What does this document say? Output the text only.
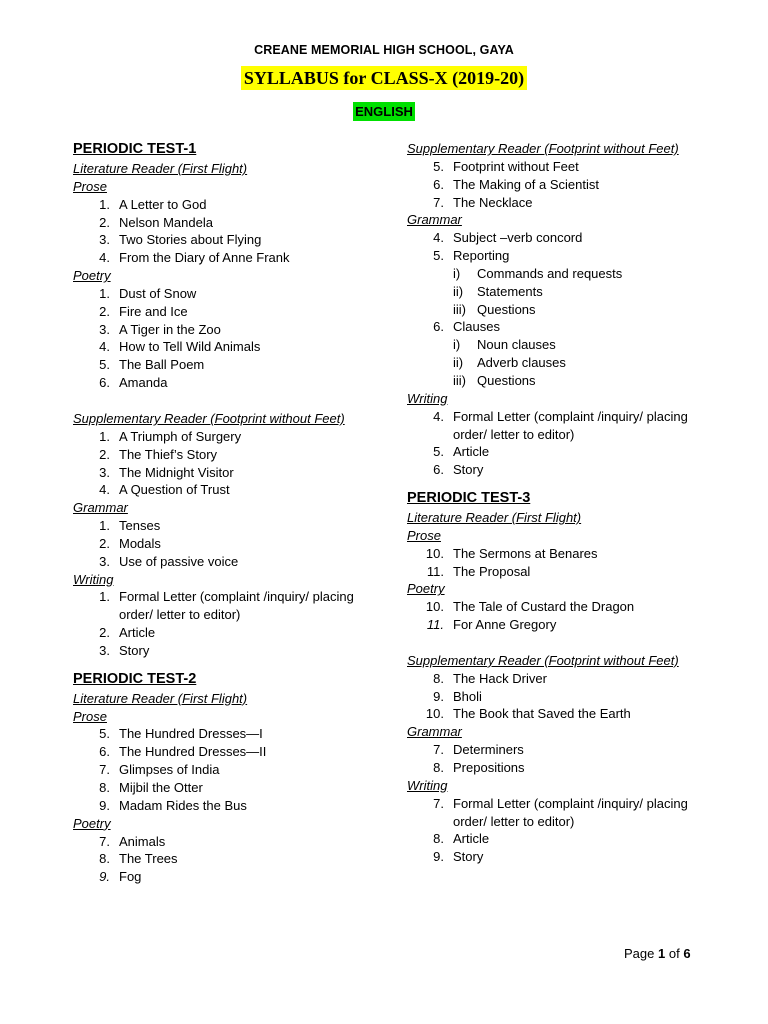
CREANE MEMORIAL HIGH SCHOOL, GAYA
SYLLABUS for CLASS-X (2019-20)
ENGLISH
PERIODIC TEST-1
Literature Reader (First Flight)
Prose
1. A Letter to God
2. Nelson Mandela
3. Two Stories about Flying
4. From the Diary of Anne Frank
Poetry
1. Dust of Snow
2. Fire and Ice
3. A Tiger in the Zoo
4. How to Tell Wild Animals
5. The Ball Poem
6. Amanda
Supplementary Reader (Footprint without Feet)
1. A Triumph of Surgery
2. The Thief’s Story
3. The Midnight Visitor
4. A Question of Trust
Grammar
1. Tenses
2. Modals
3. Use of passive voice
Writing
1. Formal Letter (complaint /inquiry/ placing order/ letter to editor)
2. Article
3. Story
PERIODIC TEST-2
Literature Reader (First Flight)
Prose
5. The Hundred Dresses—I
6. The Hundred Dresses—II
7. Glimpses of India
8. Mijbil the Otter
9. Madam Rides the Bus
Poetry
7. Animals
8. The Trees
9. Fog
Supplementary Reader (Footprint without Feet)
5. Footprint without Feet
6. The Making of a Scientist
7. The Necklace
Grammar
4. Subject –verb concord
5. Reporting
i) Commands and requests
ii) Statements
iii) Questions
6. Clauses
i) Noun clauses
ii) Adverb clauses
iii) Questions
Writing
4. Formal Letter (complaint /inquiry/ placing order/ letter to editor)
5. Article
6. Story
PERIODIC TEST-3
Literature Reader (First Flight)
Prose
10. The Sermons at Benares
11. The Proposal
Poetry
10. The Tale of Custard the Dragon
11. For Anne Gregory
Supplementary Reader (Footprint without Feet)
8. The Hack Driver
9. Bholi
10. The Book that Saved the Earth
Grammar
7. Determiners
8. Prepositions
Writing
7. Formal Letter (complaint /inquiry/ placing order/ letter to editor)
8. Article
9. Story
Page 1 of 6
